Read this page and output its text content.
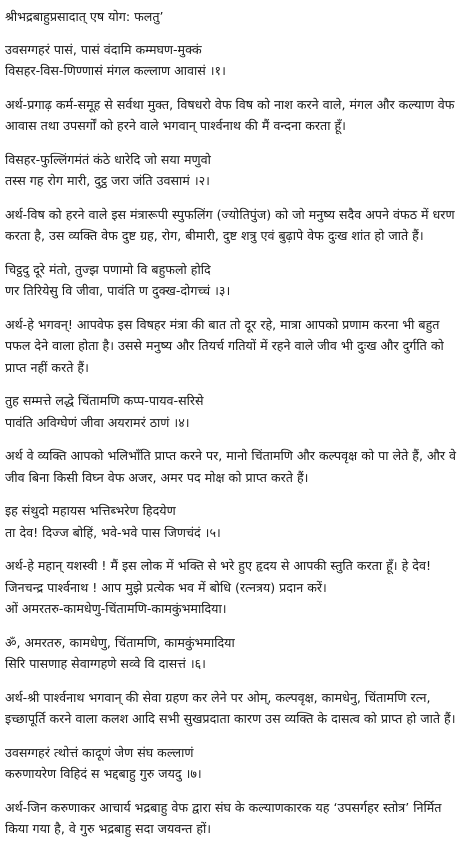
श्रीभद्रबाहुप्रसादात्‌ एष योग: फलतु’
उवसग्गहरं पासं, पासं वंदामि कम्मघण-मुक्कं
विसहर-विस-णिण्णासं मंगल कल्लाण आवासं ।१।
अर्थ-प्रगाढ़ कर्म-समूह से सर्वथा मुक्त, विषधरो वेफ विष को नाश करने वाले, मंगल और कल्याण वेफ
आवास तथा उपसर्गों को हरने वाले भगवान्‌ पार्श्वनाथ की मैं वन्दना करता हूँ।
विसहर-फुल्लिंगमंतं कंठे धारेदि जो सया मणुवो
तस्स गह रोग मारी, दुट्ठ जरा जंति उवसामं ।२।
अर्थ-विष को हरने वाले इस मंत्रारूपी स्पुफलिंग (ज्योतिपुंज) को जो मनुष्य सदैव अपने वंफठ में धरण
करता है, उस व्यक्ति वेफ दुष्ट ग्रह, रोग, बीमारी, दुष्ट शत्रु एवं बुढ़ापे वेफ दुःख शांत हो जाते हैं।
चिट्ठदु दूरे मंतो, तुज्झ पणामो वि बहुफलो होदि
णर तिरियेसु वि जीवा, पावंति ण दुक्ख-दोगच्चं ।३।
अर्थ-हे भगवन्‌! आपवेफ इस विषहर मंत्रा की बात तो दूर रहे, मात्रा आपको प्रणाम करना भी बहुत
पफल देने वाला होता है। उससे मनुष्य और तियर्च गतियों में रहने वाले जीव भी दुःख और दुर्गति को
प्राप्त नहीं करते हैं।
तुह सम्मत्ते लद्धे चिंतामणि कप्प-पायव-सरिसे
पावंति अविग्घेणं जीवा अयरामरं ठाणं ।४।
अर्थ वे व्यक्ति आपको भलिभाँति प्राप्त करने पर, मानो चिंतामणि और कल्पवृक्ष को पा लेते हैं, और वे
जीव बिना किसी विघ्न वेफ अजर, अमर पद मोक्ष को प्राप्त करते हैं।
इह संथुदो महायस भत्तिब्भरेण हिदयेण
ता देव! दिज्ज बोहिं, भवे-भवे पास जिणचंदं ।५।
अर्थ-हे महान्‌ यशस्वी ! मैं इस लोक में भक्ति से भरे हुए हृदय से आपकी स्तुति करता हूँ। हे देव!
जिनचन्द्र पार्श्वनाथ ! आप मुझे प्रत्येक भव में बोधि (रत्नत्रय) प्रदान करें।
ओं अमरतरु-कामधेणु-चिंतामणि-कामकुंभमादिया।
ॐ, अमरतरु, कामधेणु, चिंतामणि, कामकुंभमादिया
सिरि पासणाह सेवाग्गहणे सव्वे वि दासत्तं ।६।
अर्थ-श्री पार्श्वनाथ भगवान्‌ की सेवा ग्रहण कर लेने पर ओम्‌, कल्पवृक्ष, कामधेनु, चिंतामणि रत्न,
इच्छापूर्ति करने वाला कलश आदि सभी सुखप्रदाता कारण उस व्यक्ति के दासत्व को प्राप्त हो जाते हैं।
उवसग्गहरं त्थोत्तं कादूणं जेण संघ कल्लाणं
करुणायरेण विहिदं स भद्दबाहु गुरु जयदु ।७।
अर्थ-जिन करुणाकर आचार्य भद्रबाहु वेफ द्वारा संघ के कल्याणकारक यह ‘उपसर्गहर स्तोत्र’ निर्मित
किया गया है, वे गुरु भद्रबाहु सदा जयवन्त हों।
